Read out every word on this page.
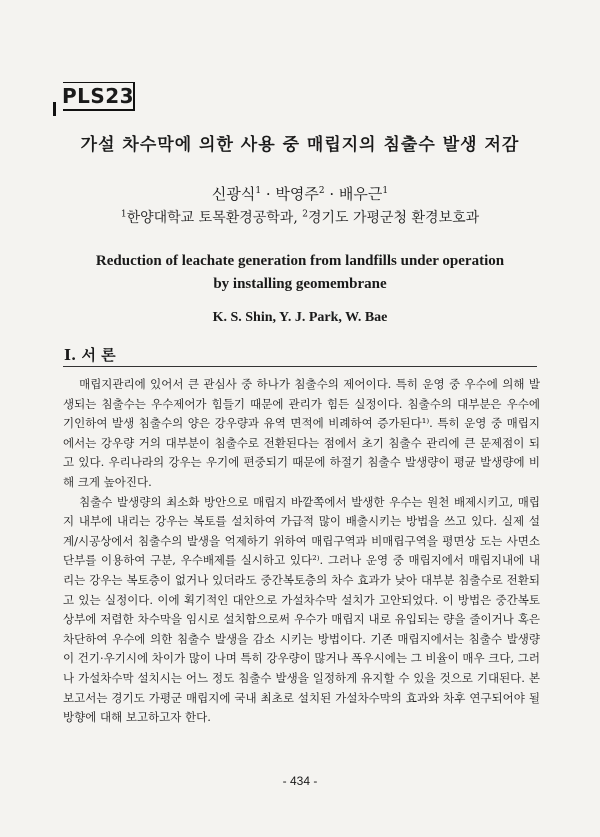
PLS23
가설 차수막에 의한 사용 중 매립지의 침출수 발생 저감
신광식$^1$ · 박영주$^2$ · 배우근$^1$
$^1$한양대학교 토목환경공학과, $^2$경기도 가평군청 환경보호과
Reduction of leachate generation from landfills under operation
by installing geomembrane
K. S. Shin, Y. J. Park, W. Bae
I. 서 론

매립지관리에 있어서 큰 관심사 중 하나가 침출수의 제어이다. 특히 운영 중 우수에 의해 발생되는 침출수는 우수제어가 힘들기 때문에 관리가 힘든 실정이다. 침출수의 대부분은 우수에 기인하여 발생 침출수의 양은 강우량과 유역 면적에 비례하여 증가된다¹⁾. 특히 운영 중 매립지에서는 강우량 거의 대부분이 침출수로 전환된다는 점에서 초기 침출수 관리에 큰 문제점이 되고 있다. 우리나라의 강우는 우기에 편중되기 때문에 하절기 침출수 발생량이 평균 발생량에 비해 크게 높아진다.

침출수 발생량의 최소화 방안으로 매립지 바깥쪽에서 발생한 우수는 원천 배제시키고, 매립지 내부에 내리는 강우는 복토를 설치하여 가급적 많이 배출시키는 방법을 쓰고 있다. 실제 설계/시공상에서 침출수의 발생을 억제하기 위하여 매립구역과 비매립구역을 평면상 도는 사면소단부를 이용하여 구분, 우수배제를 실시하고 있다²⁾. 그러나 운영 중 매립지에서 매립지내에 내리는 강우는 복토층이 없거나 있더라도 중간복토층의 차수 효과가 낮아 대부분 침출수로 전환되고 있는 실정이다. 이에 획기적인 대안으로 가설차수막 설치가 고안되었다. 이 방법은 중간복토 상부에 저렴한 차수막을 임시로 설치함으로써 우수가 매립지 내로 유입되는 량을 줄이거나 혹은 차단하여 우수에 의한 침출수 발생을 감소 시키는 방법이다. 기존 매립지에서는 침출수 발생량이 건기·우기시에 차이가 많이 나며 특히 강우량이 많거나 폭우시에는 그 비율이 매우 크다, 그러나 가설차수막 설치시는 어느 정도 침출수 발생을 일정하게 유지할 수 있을 것으로 기대된다. 본 보고서는 경기도 가평군 매립지에 국내 최초로 설치된 가설차수막의 효과와 차후 연구되어야 될 방향에 대해 보고하고자 한다.

- 434 -
